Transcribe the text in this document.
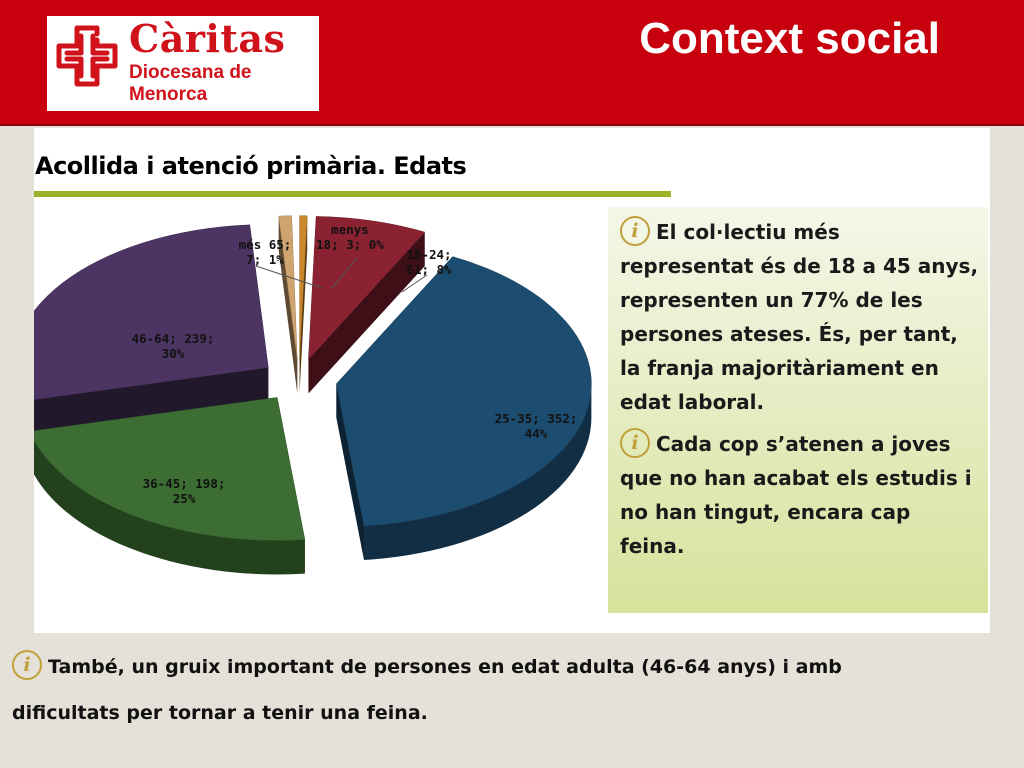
Càritas
Diocesana de Menorca
Context social
Acollida i atenció primària. Edats
menys 18; 3; 0%
18-24; 61; 8%
25-35; 352; 44%
36-45; 198; 25%
46-64; 239; 30%
més 65; 7; 1%

i El col·lectiu més representat és de 18 a 45 anys, representen un 77% de les persones ateses. És, per tant, la franja majoritàriament en edat laboral.

i Cada cop s’atenen a joves que no han acabat els estudis i no han tingut, encara cap feina.

i També, un gruix important de persones en edat adulta (46-64 anys) i amb dificultats per tornar a tenir una feina.
